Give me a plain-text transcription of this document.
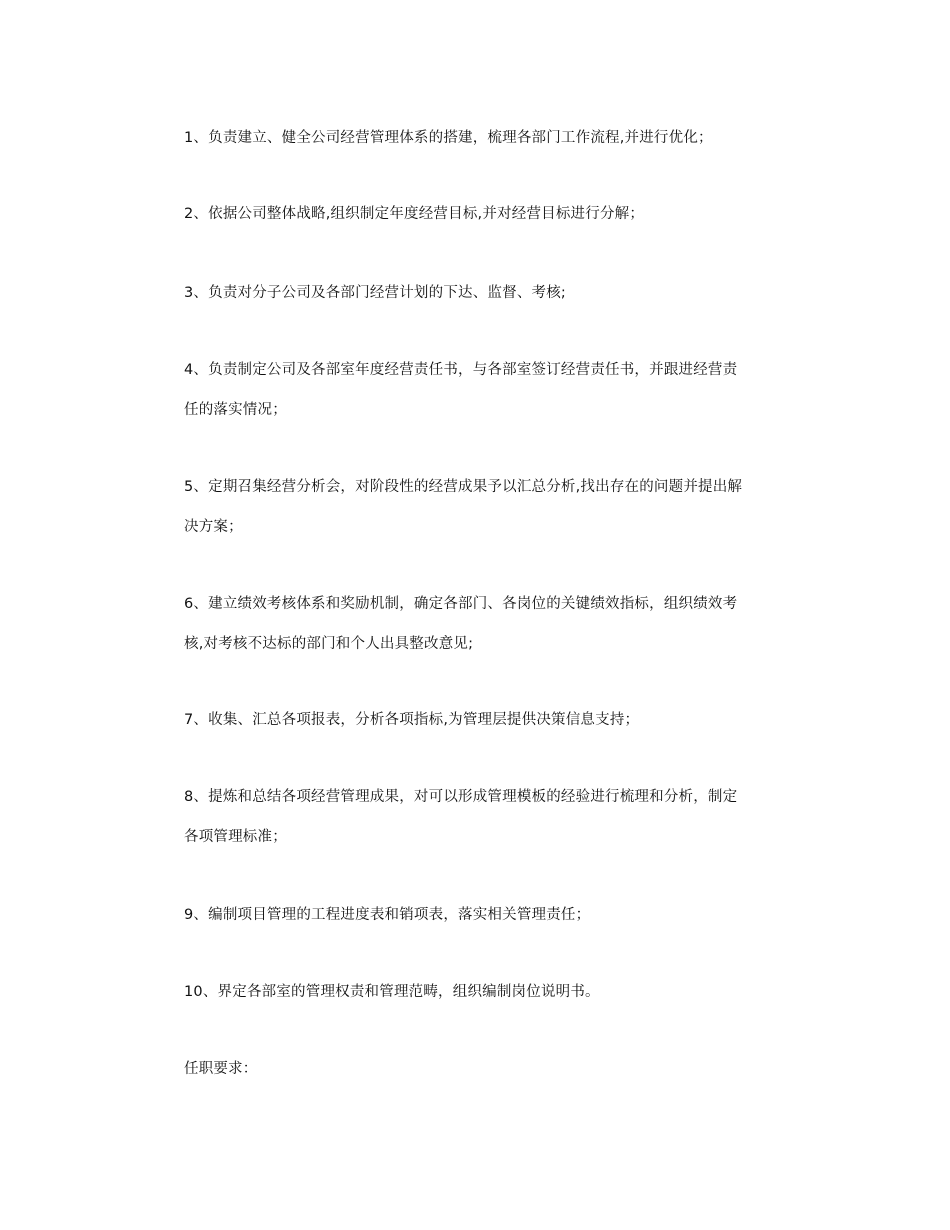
1、负责建立、健全公司经营管理体系的搭建，梳理各部门工作流程,并进行优化；
2、依据公司整体战略,组织制定年度经营目标,并对经营目标进行分解；
3、负责对分子公司及各部门经营计划的下达、监督、考核;
4、负责制定公司及各部室年度经营责任书，与各部室签订经营责任书，并跟进经营责
任的落实情况；
5、定期召集经营分析会，对阶段性的经营成果予以汇总分析,找出存在的问题并提出解
决方案；
6、建立绩效考核体系和奖励机制，确定各部门、各岗位的关键绩效指标，组织绩效考
核,对考核不达标的部门和个人出具整改意见;
7、收集、汇总各项报表，分析各项指标,为管理层提供决策信息支持；
8、提炼和总结各项经营管理成果，对可以形成管理模板的经验进行梳理和分析，制定
各项管理标准；
9、编制项目管理的工程进度表和销项表，落实相关管理责任；
10、界定各部室的管理权责和管理范畴，组织编制岗位说明书。
任职要求：
